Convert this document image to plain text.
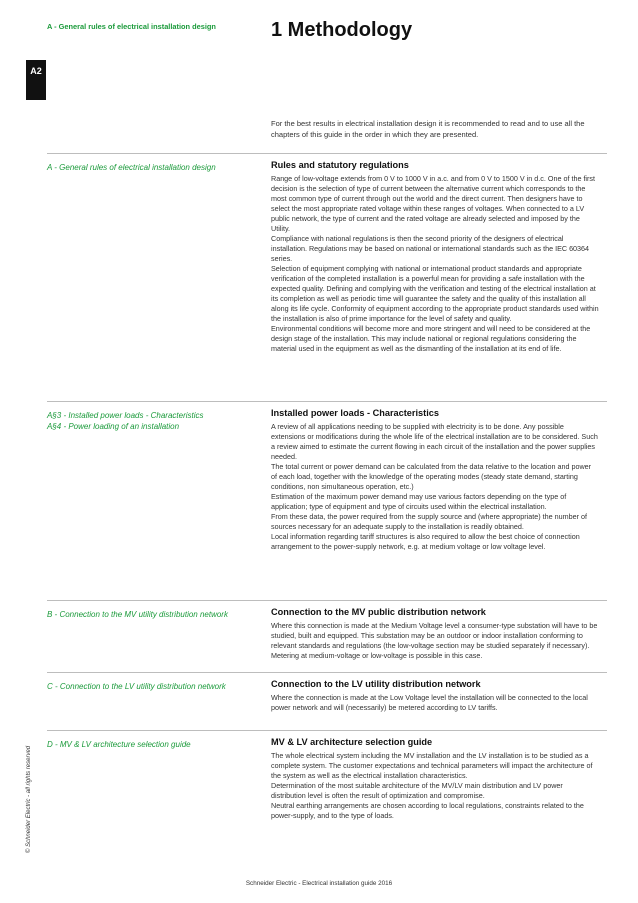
A - General rules of electrical installation design	1 Methodology
A2
© Schneider Electric - all rights reserved
For the best results in electrical installation design it is recommended to read and to use all the chapters of this guide in the order in which they are presented.
A - General rules of electrical installation design	Rules and statutory regulations

Range of low-voltage extends from 0 V to 1000 V in a.c. and from 0 V to 1500 V in d.c. One of the first decision is the selection of type of current between the alternative current which corresponds to the most common type of current through out the world and the direct current. Then designers have to select the most appropriate rated voltage within these ranges of voltages. When connected to a LV public network, the type of current and the rated voltage are already selected and imposed by the Utility.

Compliance with national regulations is then the second priority of the designers of electrical installation. Regulations may be based on national or international standards such as the IEC 60364 series.

Selection of equipment complying with national or international product standards and appropriate verification of the completed installation is a powerful mean for providing a safe installation with the expected quality. Defining and complying with the verification and testing of the electrical installation at its completion as well as periodic time will guarantee the safety and the quality of this installation all along its life cycle. Conformity of equipment according to the appropriate product standards used within the installation is also of prime importance for the level of safety and quality.

Environmental conditions will become more and more stringent and will need to be considered at the design stage of the installation. This may include national or regional regulations considering the material used in the equipment as well as the dismantling of the installation at its end of life.

A§3 - Installed power loads - Characteristics
A§4 - Power loading of an installation
Installed power loads - Characteristics

A review of all applications needing to be supplied with electricity is to be done. Any possible extensions or modifications during the whole life of the electrical installation are to be considered. Such a review aimed to estimate the current flowing in each circuit of the installation and the power supplies needed.

The total current or power demand can be calculated from the data relative to the location and power of each load, together with the knowledge of the operating modes (steady state demand, starting conditions, non simultaneous operation, etc.)

Estimation of the maximum power demand may use various factors depending on the type of application; type of equipment and type of circuits used within the electrical installation.

From these data, the power required from the supply source and (where appropriate) the number of sources necessary for an adequate supply to the installation is readily obtained.

Local information regarding tariff structures is also required to allow the best choice of connection arrangement to the power-supply network, e.g. at medium voltage or low voltage level.

B - Connection to the MV utility distribution network	Connection to the MV public distribution network

Where this connection is made at the Medium Voltage level a consumer-type substation will have to be studied, built and equipped. This substation may be an outdoor or indoor installation conforming to relevant standards and regulations (the low-voltage section may be studied separately if necessary). Metering at medium-voltage or low-voltage is possible in this case.

C - Connection to the LV utility distribution network	Connection to the LV utility distribution network

Where the connection is made at the Low Voltage level the installation will be connected to the local power network and will (necessarily) be metered according to LV tariffs.

D - MV & LV architecture selection guide	MV & LV architecture selection guide

The whole electrical system including the MV installation and the LV installation is to be studied as a complete system. The customer expectations and technical parameters will impact the architecture of the system as well as the electrical installation characteristics.

Determination of the most suitable architecture of the MV/LV main distribution and LV power distribution level is often the result of optimization and compromise.

Neutral earthing arrangements are chosen according to local regulations, constraints related to the power-supply, and to the type of loads.

Schneider Electric - Electrical installation guide 2016
